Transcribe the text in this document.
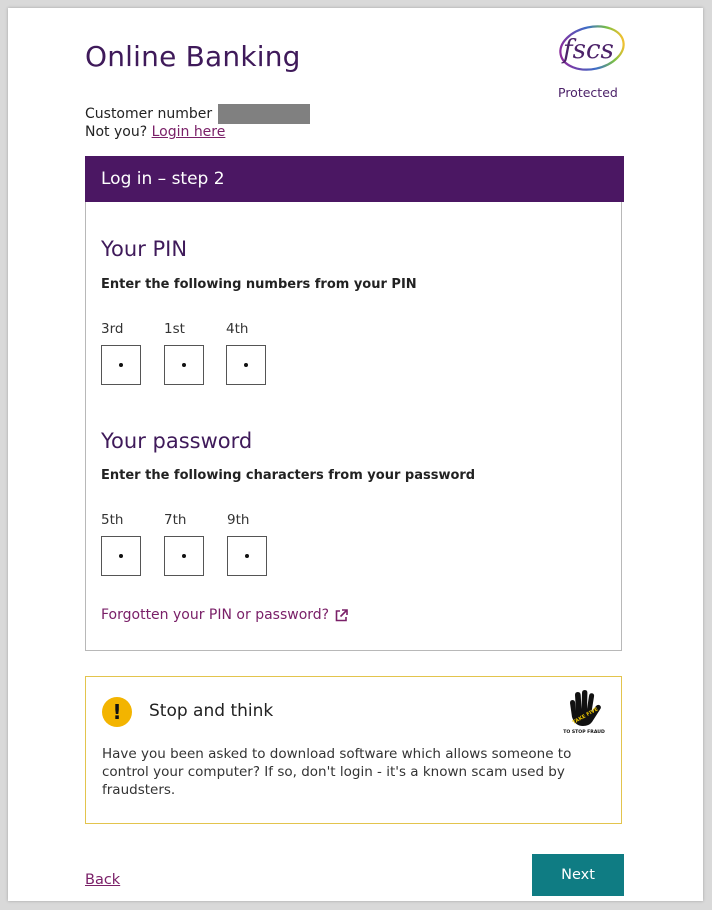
Online Banking	fscs
Protected
Customer number
Not you? Login here
Log in – step 2
Your PIN
Enter the following numbers from your PIN
3rd	1st	4th
Your password
Enter the following characters from your password
5th	7th	9th
Forgotten your PIN or password?
!	Stop and think	TAKE FIVE
TO STOP FRAUD
Have you been asked to download software which allows someone to control your computer? If so, don't login - it's a known scam used by fraudsters.
Back	Next
